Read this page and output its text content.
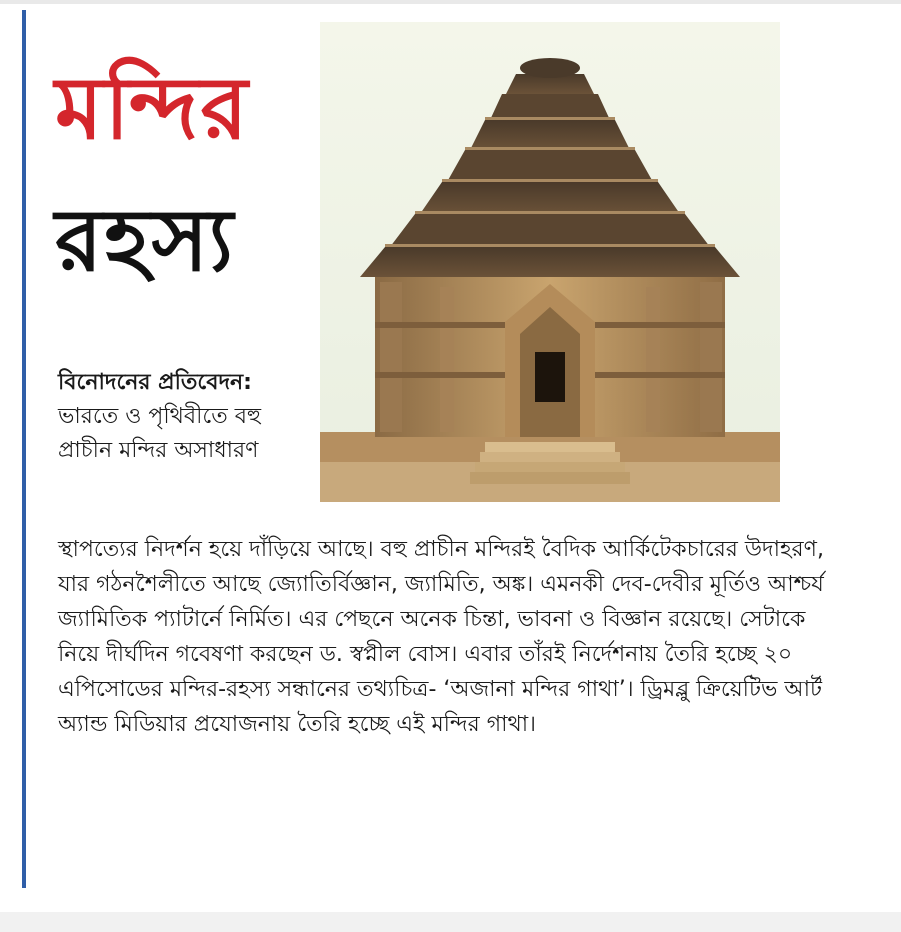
মন্দির
রহস্য

বিনোদনের প্রতিবেদন: ভারতে ও পৃথিবীতে বহু প্রাচীন মন্দির অসাধারণ

স্থাপত্যের নিদর্শন হয়ে দাঁড়িয়ে আছে। বহু প্রাচীন মন্দিরই বৈদিক আর্কিটেকচারের উদাহরণ, যার গঠনশৈলীতে আছে জ্যোতির্বিজ্ঞান, জ্যামিতি, অঙ্ক। এমনকী দেব-দেবীর মূর্তিও আশ্চর্য জ্যামিতিক প্যাটার্নে নির্মিত। এর পেছনে অনেক চিন্তা, ভাবনা ও বিজ্ঞান রয়েছে। সেটাকে নিয়ে দীর্ঘদিন গবেষণা করছেন ড. স্বপ্নীল বোস। এবার তাঁরই নির্দেশনায় তৈরি হচ্ছে ২০ এপিসোডের মন্দির-রহস্য সন্ধানের তথ্যচিত্র- ‘অজানা মন্দির গাথা’। ড্রিমব্লু ক্রিয়েটিভ আর্ট অ্যান্ড মিডিয়ার প্রযোজনায় তৈরি হচ্ছে এই মন্দির গাথা।
